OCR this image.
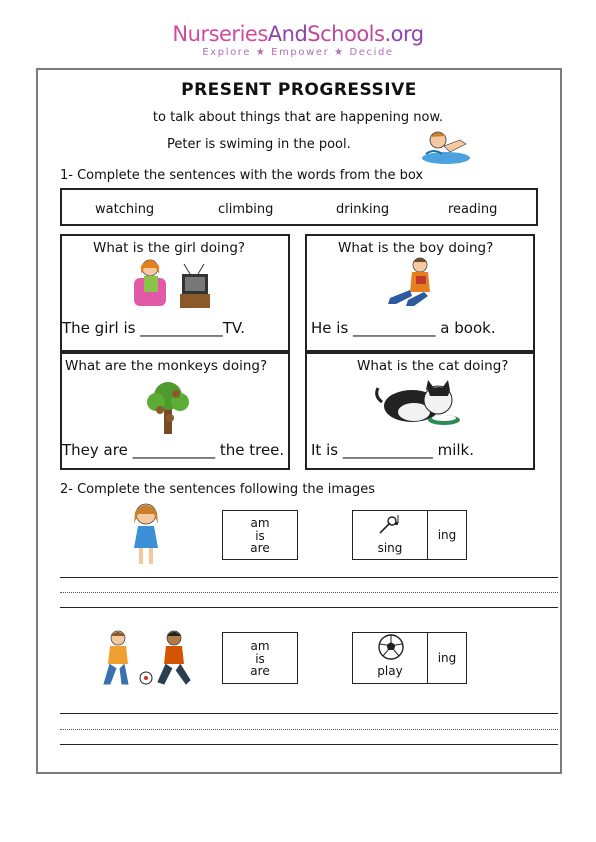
NurseriesAndSchools.org
Explore ★ Empower ★ Decide
PRESENT PROGRESSIVE
to talk about things that are happening now.
Peter is swiming in the pool.
1- Complete the sentences with the words from the box
watching	climbing	drinking	reading
What is the girl doing?
The girl is ___________TV.
What is the boy doing?
He is ___________ a book.
What are the monkeys doing?
They are ___________ the tree.
What is the cat doing?
It is ____________ milk.
2- Complete the sentences following the images
am
is
are	sing
ing
am
is
are	play
ing
